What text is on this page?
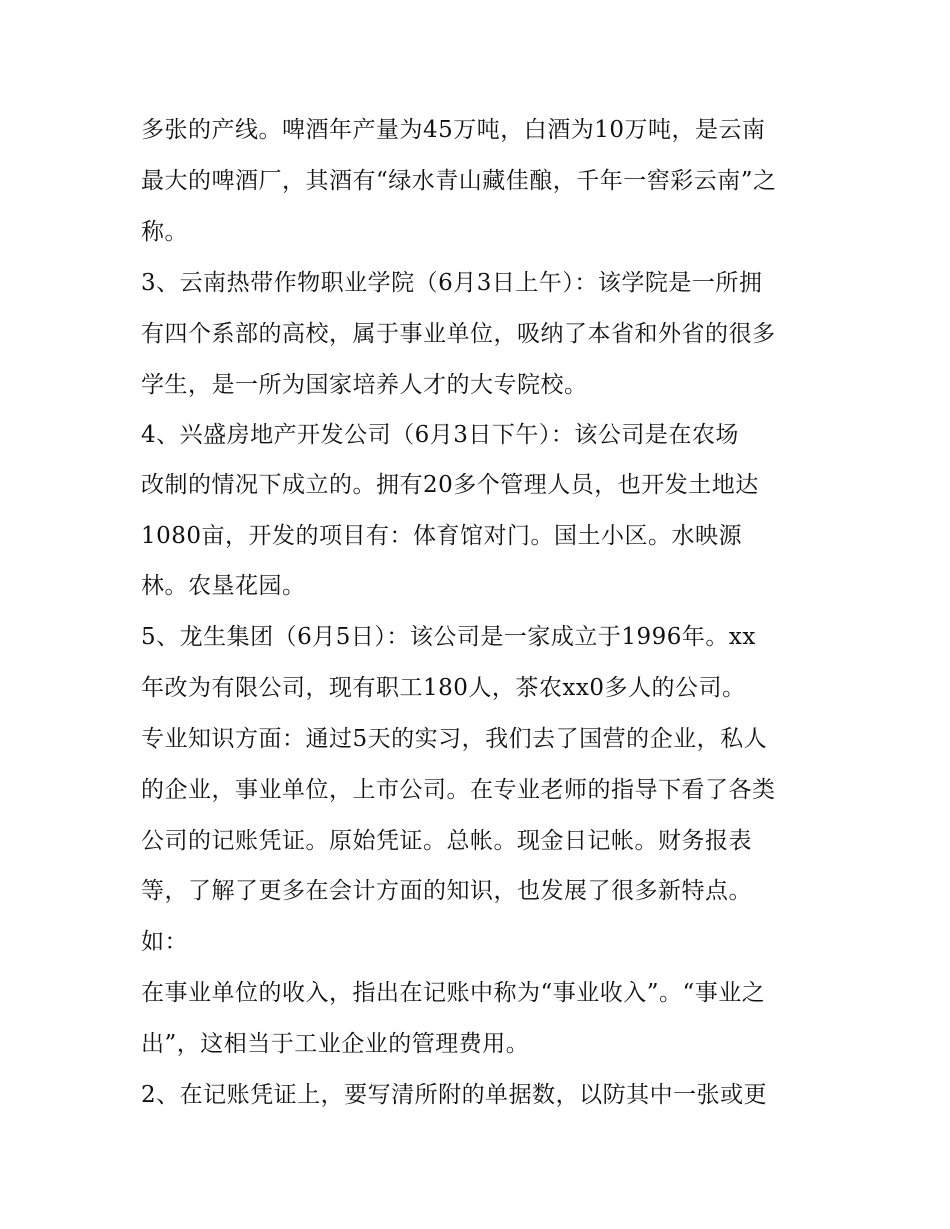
多张的产线。啤酒年产量为45万吨，白酒为10万吨，是云南
最大的啤酒厂，其酒有“绿水青山藏佳酿，千年一窖彩云南”之
称。
3、云南热带作物职业学院（6月3日上午）：该学院是一所拥
有四个系部的高校，属于事业单位，吸纳了本省和外省的很多
学生，是一所为国家培养人才的大专院校。
4、兴盛房地产开发公司（6月3日下午）：该公司是在农场
改制的情况下成立的。拥有20多个管理人员，也开发土地达
1080亩，开发的项目有：体育馆对门。国土小区。水映源
林。农垦花园。
5、龙生集团（6月5日）：该公司是一家成立于1996年。xx
年改为有限公司，现有职工180人，茶农xx0多人的公司。
专业知识方面：通过5天的实习，我们去了国营的企业，私人
的企业，事业单位，上市公司。在专业老师的指导下看了各类
公司的记账凭证。原始凭证。总帐。现金日记帐。财务报表
等，了解了更多在会计方面的知识，也发展了很多新特点。
如：
在事业单位的收入，指出在记账中称为“事业收入”。“事业之
出”，这相当于工业企业的管理费用。
2、在记账凭证上，要写清所附的单据数，以防其中一张或更
